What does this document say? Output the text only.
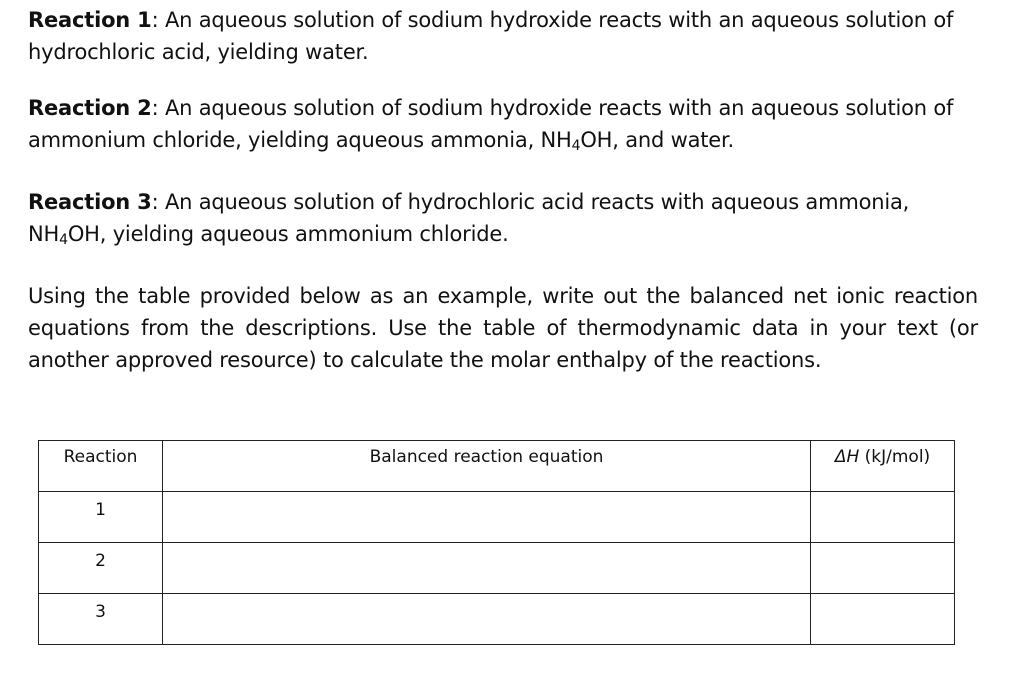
Reaction 1: An aqueous solution of sodium hydroxide reacts with an aqueous solution of hydrochloric acid, yielding water.

Reaction 2: An aqueous solution of sodium hydroxide reacts with an aqueous solution of ammonium chloride, yielding aqueous ammonia, $NH_4OH$, and water.

Reaction 3: An aqueous solution of hydrochloric acid reacts with aqueous ammonia, $NH_4OH$, yielding aqueous ammonium chloride.

Using the table provided below as an example, write out the balanced net ionic reaction equations from the descriptions. Use the table of thermodynamic data in your text (or another approved resource) to calculate the molar enthalpy of the reactions.

Reaction	Balanced reaction equation	ΔH (kJ/mol)
1		
2		
3		
